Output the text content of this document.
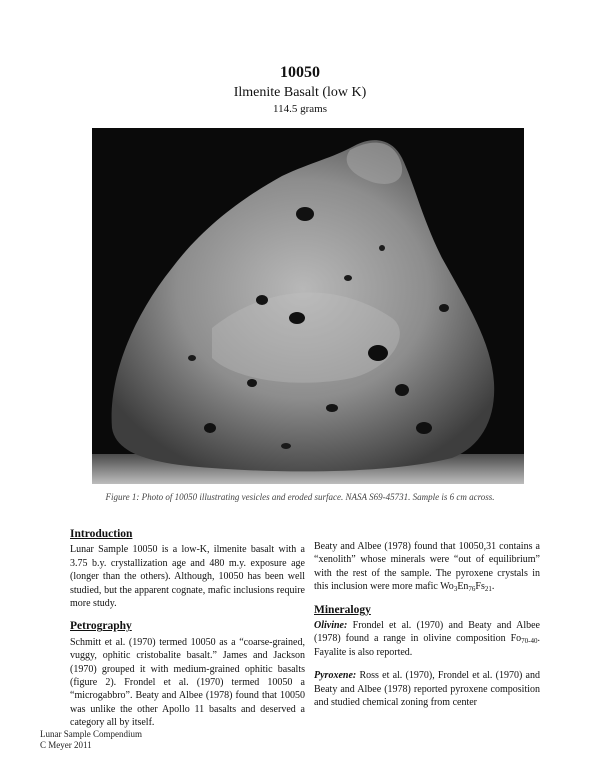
10050
Ilmenite Basalt (low K)
114.5 grams
Figure 1: Photo of 10050 illustrating vesicles and eroded surface. NASA S69-45731. Sample is 6 cm across.
Introduction

Lunar Sample 10050 is a low-K, ilmenite basalt with a 3.75 b.y. crystallization age and 480 m.y. exposure age (longer than the others). Although, 10050 has been well studied, but the apparent cognate, mafic inclusions require more study.

Petrography

Schmitt et al. (1970) termed 10050 as a “coarse-grained, vuggy, ophitic cristobalite basalt.” James and Jackson (1970) grouped it with medium-grained ophitic basalts (figure 2). Frondel et al. (1970) termed 10050 a “microgabbro”. Beaty and Albee (1978) found that 10050 was unlike the other Apollo 11 basalts and deserved a category all by itself.

Beaty and Albee (1978) found that 10050,31 contains a “xenolith” whose minerals were “out of equilibrium” with the rest of the sample. The pyroxene crystals in this inclusion were more mafic $Wo_3En_{76}Fs_{21}$.

Mineralogy

Olivine: Frondel et al. (1970) and Beaty and Albee (1978) found a range in olivine composition $Fo_{70-40}$. Fayalite is also reported.

Pyroxene: Ross et al. (1970), Frondel et al. (1970) and Beaty and Albee (1978) reported pyroxene composition and studied chemical zoning from center

Lunar Sample Compendium
C Meyer 2011
